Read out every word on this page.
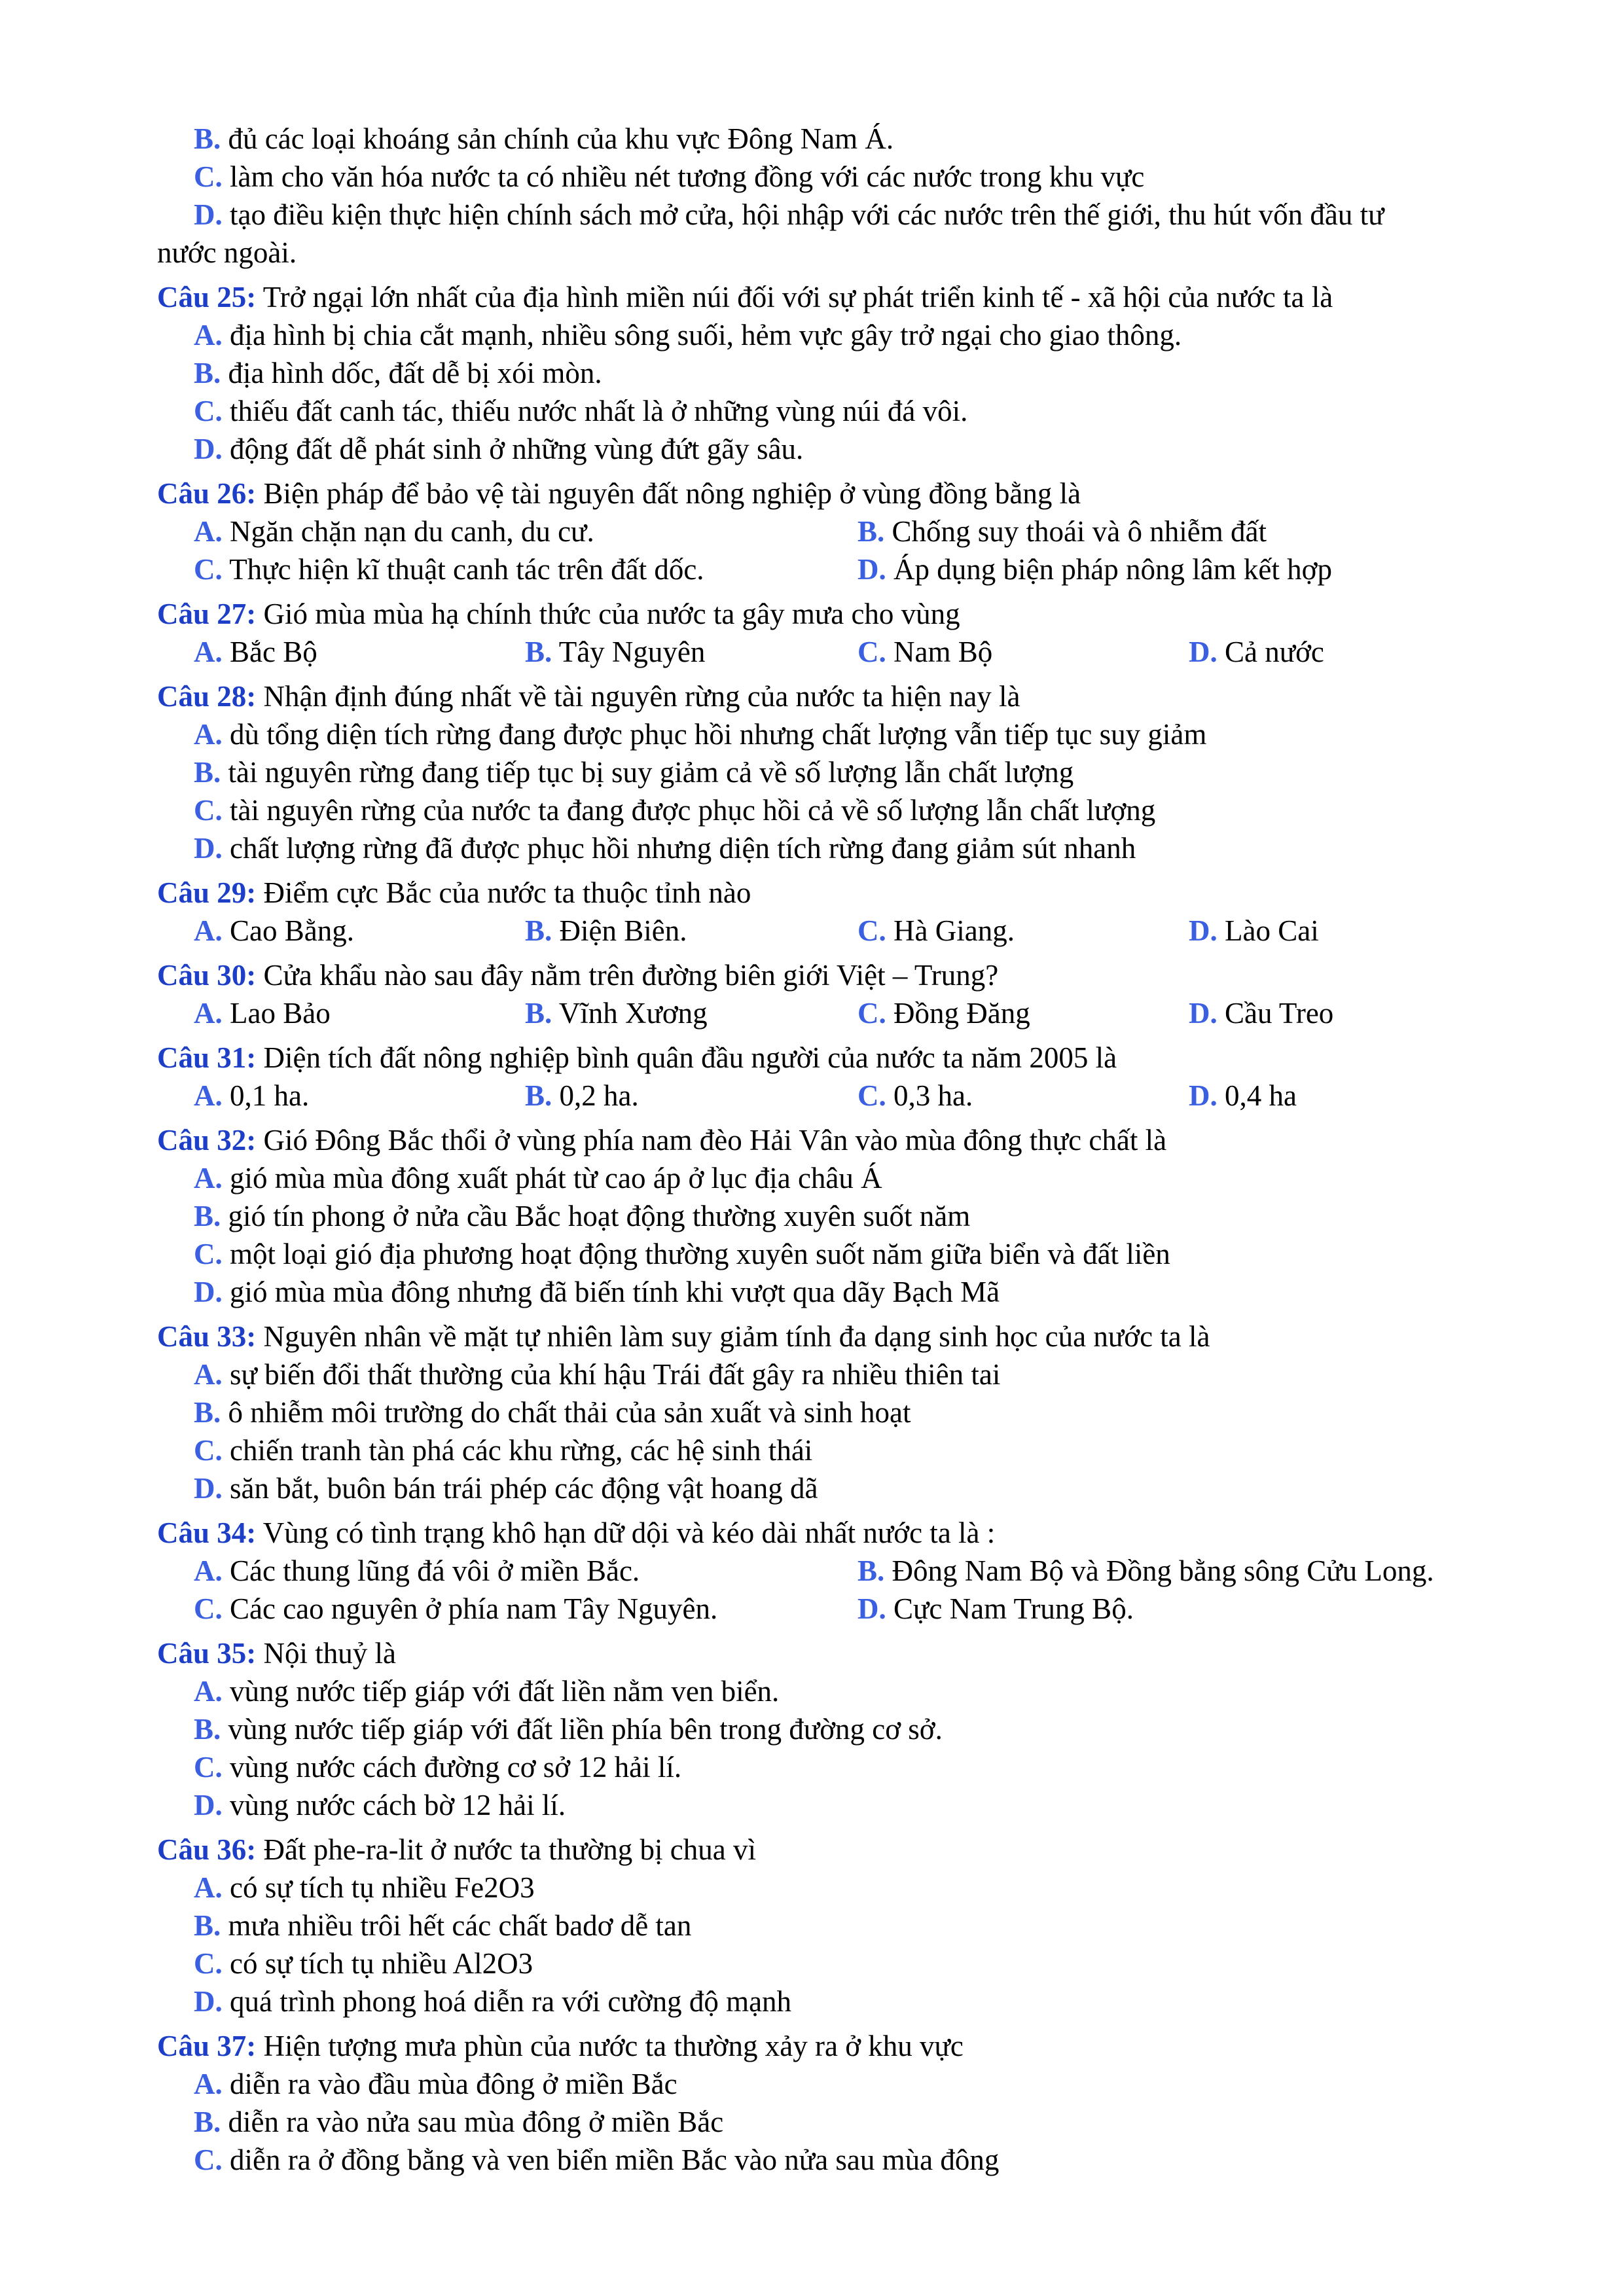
B. đủ các loại khoáng sản chính của khu vực Đông Nam Á.
C. làm cho văn hóa nước ta có nhiều nét tương đồng với các nước trong khu vực
D. tạo điều kiện thực hiện chính sách mở cửa, hội nhập với các nước trên thế giới, thu hút vốn đầu tư
nước ngoài.
Câu 25: Trở ngại lớn nhất của địa hình miền núi đối với sự phát triển kinh tế - xã hội của nước ta là
A. địa hình bị chia cắt mạnh, nhiều sông suối, hẻm vực gây trở ngại cho giao thông.
B. địa hình dốc, đất dễ bị xói mòn.
C. thiếu đất canh tác, thiếu nước nhất là ở những vùng núi đá vôi.
D. động đất dễ phát sinh ở những vùng đứt gãy sâu.
Câu 26: Biện pháp để bảo vệ tài nguyên đất nông nghiệp ở vùng đồng bằng là
A. Ngăn chặn nạn du canh, du cư.	B. Chống suy thoái và ô nhiễm đất
C. Thực hiện kĩ thuật canh tác trên đất dốc.	D. Áp dụng biện pháp nông lâm kết hợp
Câu 27: Gió mùa mùa hạ chính thức của nước ta gây mưa cho vùng
A. Bắc Bộ	B. Tây Nguyên	C. Nam Bộ	D. Cả nước
Câu 28: Nhận định đúng nhất về tài nguyên rừng của nước ta hiện nay là
A. dù tổng diện tích rừng đang được phục hồi nhưng chất lượng vẫn tiếp tục suy giảm
B. tài nguyên rừng đang tiếp tục bị suy giảm cả về số lượng lẫn chất lượng
C. tài nguyên rừng của nước ta đang được phục hồi cả về số lượng lẫn chất lượng
D. chất lượng rừng đã được phục hồi nhưng diện tích rừng đang giảm sút nhanh
Câu 29: Điểm cực Bắc của nước ta thuộc tỉnh nào
A. Cao Bằng.	B. Điện Biên.	C. Hà Giang.	D. Lào Cai
Câu 30: Cửa khẩu nào sau đây nằm trên đường biên giới Việt – Trung?
A. Lao Bảo	B. Vĩnh Xương	C. Đồng Đăng	D. Cầu Treo
Câu 31: Diện tích đất nông nghiệp bình quân đầu người của nước ta năm 2005 là
A. 0,1 ha.	B. 0,2 ha.	C. 0,3 ha.	D. 0,4 ha
Câu 32: Gió Đông Bắc thổi ở vùng phía nam đèo Hải Vân vào mùa đông thực chất là
A. gió mùa mùa đông xuất phát từ cao áp ở lục địa châu Á
B. gió tín phong ở nửa cầu Bắc hoạt động thường xuyên suốt năm
C. một loại gió địa phương hoạt động thường xuyên suốt năm giữa biển và đất liền
D. gió mùa mùa đông nhưng đã biến tính khi vượt qua dãy Bạch Mã
Câu 33: Nguyên nhân về mặt tự nhiên làm suy giảm tính đa dạng sinh học của nước ta là
A. sự biến đổi thất thường của khí hậu Trái đất gây ra nhiều thiên tai
B. ô nhiễm môi trường do chất thải của sản xuất và sinh hoạt
C. chiến tranh tàn phá các khu rừng, các hệ sinh thái
D. săn bắt, buôn bán trái phép các động vật hoang dã
Câu 34: Vùng có tình trạng khô hạn dữ dội và kéo dài nhất nước ta là :
A. Các thung lũng đá vôi ở miền Bắc.	B. Đông Nam Bộ và Đồng bằng sông Cửu Long.
C. Các cao nguyên ở phía nam Tây Nguyên.	D. Cực Nam Trung Bộ.
Câu 35: Nội thuỷ là
A. vùng nước tiếp giáp với đất liền nằm ven biển.
B. vùng nước tiếp giáp với đất liền phía bên trong đường cơ sở.
C. vùng nước cách đường cơ sở 12 hải lí.
D. vùng nước cách bờ 12 hải lí.
Câu 36: Đất phe-ra-lit ở nước ta thường bị chua vì
A. có sự tích tụ nhiều Fe2O3
B. mưa nhiều trôi hết các chất badơ dễ tan
C. có sự tích tụ nhiều Al2O3
D. quá trình phong hoá diễn ra với cường độ mạnh
Câu 37: Hiện tượng mưa phùn của nước ta thường xảy ra ở khu vực
A. diễn ra vào đầu mùa đông ở miền Bắc
B. diễn ra vào nửa sau mùa đông ở miền Bắc
C. diễn ra ở đồng bằng và ven biển miền Bắc vào nửa sau mùa đông
